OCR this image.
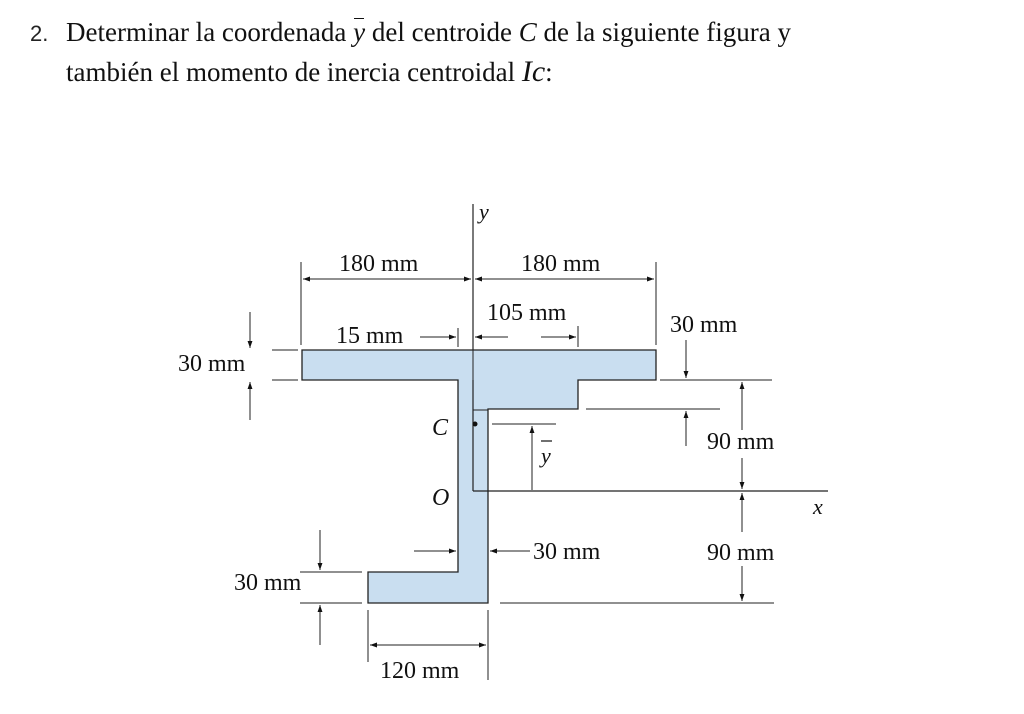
2. Determinar la coordenada y del centroide C de la siguiente figura y
también el momento de inercia centroidal Ic:
y
x
C
O
y
180 mm	180 mm
15 mm
105 mm
30 mm
30 mm
90 mm
90 mm
30 mm
30 mm
120 mm
